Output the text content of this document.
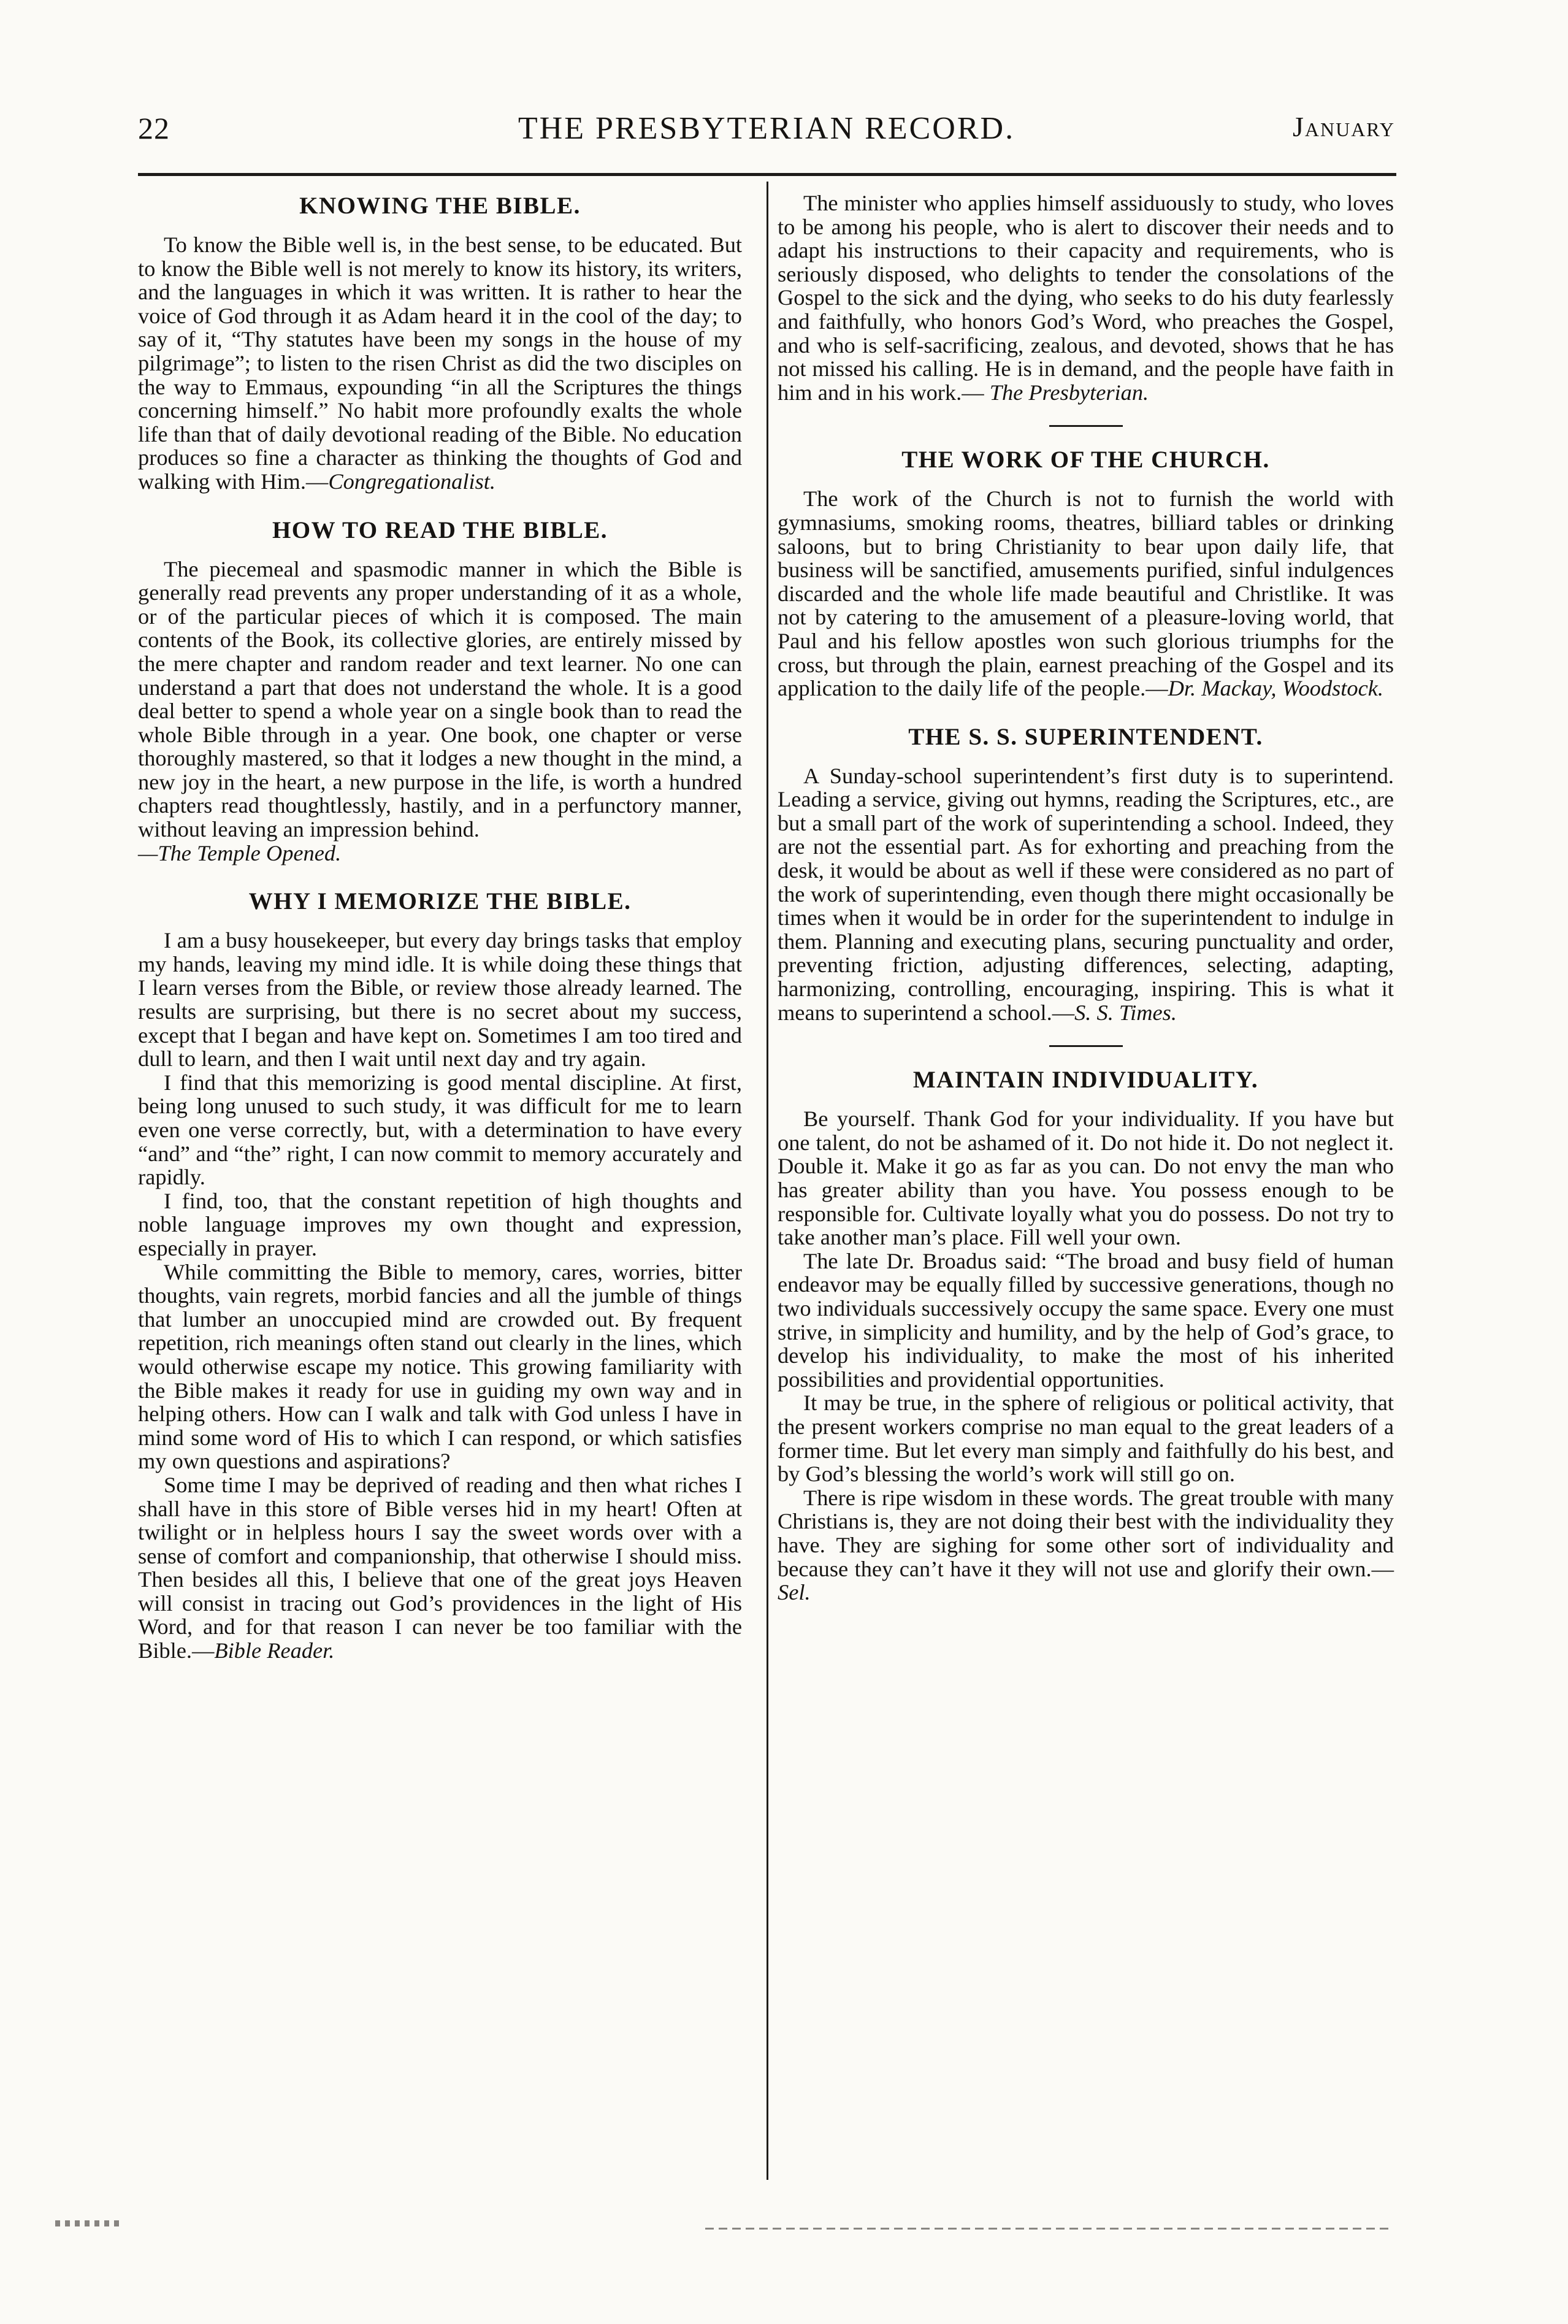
22	THE PRESBYTERIAN RECORD.	January
KNOWING THE BIBLE.

To know the Bible well is, in the best sense, to be educated. But to know the Bible well is not merely to know its history, its writers, and the languages in which it was written. It is rather to hear the voice of God through it as Adam heard it in the cool of the day; to say of it, “Thy statutes have been my songs in the house of my pilgrimage”; to listen to the risen Christ as did the two disciples on the way to Emmaus, expounding “in all the Scriptures the things concerning himself.” No habit more profoundly exalts the whole life than that of daily devotional reading of the Bible. No education produces so fine a character as thinking the thoughts of God and walking with Him.—Congregationalist.

HOW TO READ THE BIBLE.

The piecemeal and spasmodic manner in which the Bible is generally read prevents any proper understanding of it as a whole, or of the particular pieces of which it is composed. The main contents of the Book, its collective glories, are entirely missed by the mere chapter and random reader and text learner. No one can understand a part that does not understand the whole. It is a good deal better to spend a whole year on a single book than to read the whole Bible through in a year. One book, one chapter or verse thoroughly mastered, so that it lodges a new thought in the mind, a new joy in the heart, a new purpose in the life, is worth a hundred chapters read thoughtlessly, hastily, and in a perfunctory manner, without leaving an impression behind.

—The Temple Opened.

WHY I MEMORIZE THE BIBLE.

I am a busy housekeeper, but every day brings tasks that employ my hands, leaving my mind idle. It is while doing these things that I learn verses from the Bible, or review those already learned. The results are surprising, but there is no secret about my success, except that I began and have kept on. Sometimes I am too tired and dull to learn, and then I wait until next day and try again.

I find that this memorizing is good mental discipline. At first, being long unused to such study, it was difficult for me to learn even one verse correctly, but, with a determination to have every “and” and “the” right, I can now commit to memory accurately and rapidly.

I find, too, that the constant repetition of high thoughts and noble language improves my own thought and expression, especially in prayer.

While committing the Bible to memory, cares, worries, bitter thoughts, vain regrets, morbid fancies and all the jumble of things that lumber an unoccupied mind are crowded out. By frequent repetition, rich meanings often stand out clearly in the lines, which would otherwise escape my notice. This growing familiarity with the Bible makes it ready for use in guiding my own way and in helping others. How can I walk and talk with God unless I have in mind some word of His to which I can respond, or which satisfies my own questions and aspirations?

Some time I may be deprived of reading and then what riches I shall have in this store of Bible verses hid in my heart! Often at twilight or in helpless hours I say the sweet words over with a sense of comfort and companionship, that otherwise I should miss. Then besides all this, I believe that one of the great joys Heaven will consist in tracing out God’s providences in the light of His Word, and for that reason I can never be too familiar with the Bible.—Bible Reader.

The minister who applies himself assiduously to study, who loves to be among his people, who is alert to discover their needs and to adapt his instructions to their capacity and requirements, who is seriously disposed, who delights to tender the consolations of the Gospel to the sick and the dying, who seeks to do his duty fearlessly and faithfully, who honors God’s Word, who preaches the Gospel, and who is self-sacrificing, zealous, and devoted, shows that he has not missed his calling. He is in demand, and the people have faith in him and in his work.— The Presbyterian.

THE WORK OF THE CHURCH.

The work of the Church is not to furnish the world with gymnasiums, smoking rooms, theatres, billiard tables or drinking saloons, but to bring Christianity to bear upon daily life, that business will be sanctified, amusements purified, sinful indulgences discarded and the whole life made beautiful and Christlike. It was not by catering to the amusement of a pleasure-loving world, that Paul and his fellow apostles won such glorious triumphs for the cross, but through the plain, earnest preaching of the Gospel and its application to the daily life of the people.—Dr. Mackay, Woodstock.

THE S. S. SUPERINTENDENT.

A Sunday-school superintendent’s first duty is to superintend. Leading a service, giving out hymns, reading the Scriptures, etc., are but a small part of the work of superintending a school. Indeed, they are not the essential part. As for exhorting and preaching from the desk, it would be about as well if these were considered as no part of the work of superintending, even though there might occasionally be times when it would be in order for the superintendent to indulge in them. Planning and executing plans, securing punctuality and order, preventing friction, adjusting differences, selecting, adapting, harmonizing, controlling, encouraging, inspiring. This is what it means to superintend a school.—S. S. Times.

MAINTAIN INDIVIDUALITY.

Be yourself. Thank God for your individuality. If you have but one talent, do not be ashamed of it. Do not hide it. Do not neglect it. Double it. Make it go as far as you can. Do not envy the man who has greater ability than you have. You possess enough to be responsible for. Cultivate loyally what you do possess. Do not try to take another man’s place. Fill well your own.

The late Dr. Broadus said: “The broad and busy field of human endeavor may be equally filled by successive generations, though no two individuals successively occupy the same space. Every one must strive, in simplicity and humility, and by the help of God’s grace, to develop his individuality, to make the most of his inherited possibilities and providential opportunities.

It may be true, in the sphere of religious or political activity, that the present workers comprise no man equal to the great leaders of a former time. But let every man simply and faithfully do his best, and by God’s blessing the world’s work will still go on.

There is ripe wisdom in these words. The great trouble with many Christians is, they are not doing their best with the individuality they have. They are sighing for some other sort of individuality and because they can’t have it they will not use and glorify their own.—Sel.
